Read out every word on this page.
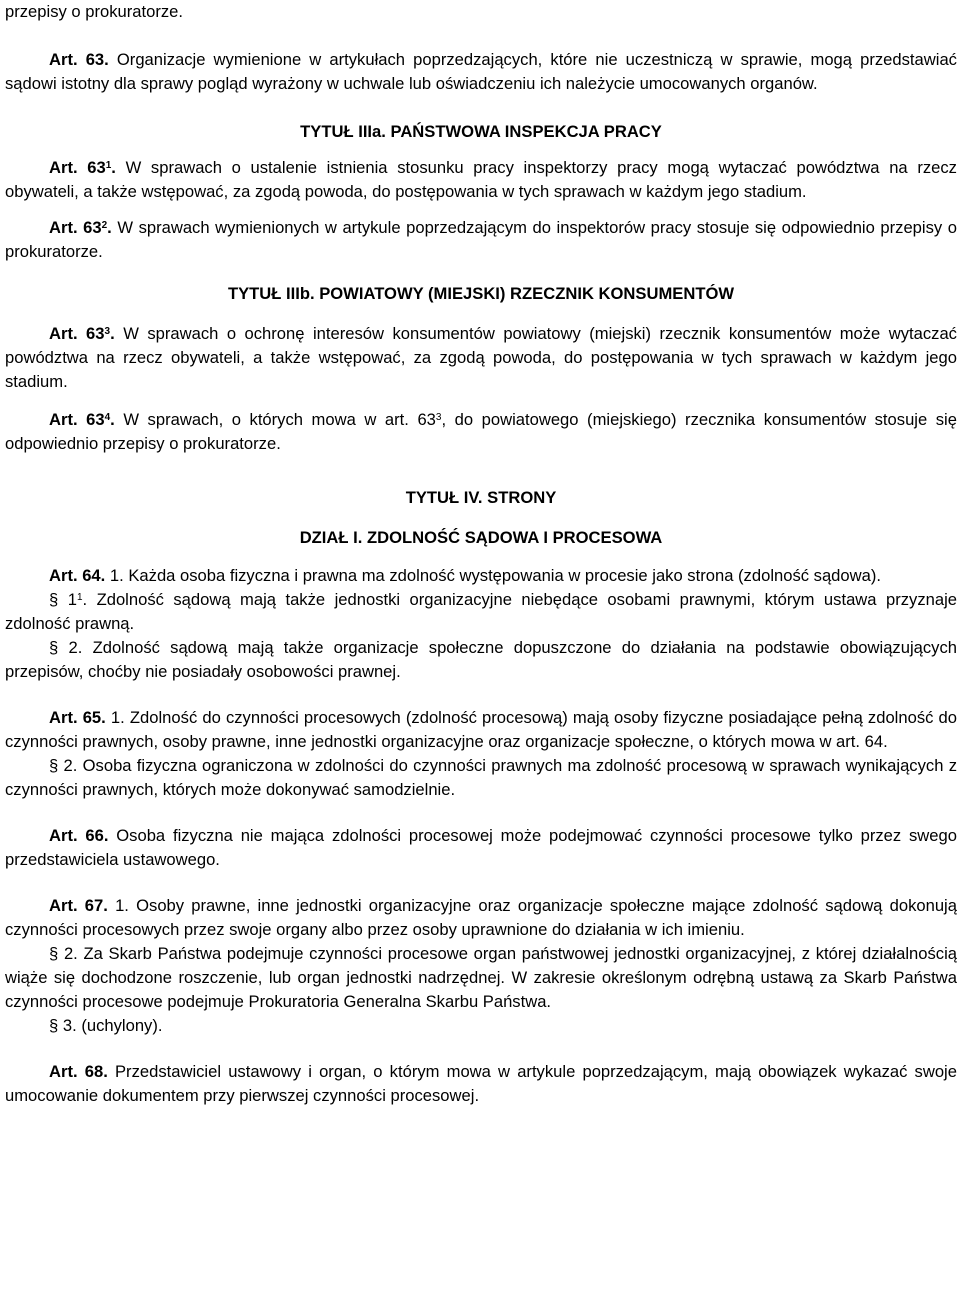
przepisy o prokuratorze.

Art. 63. Organizacje wymienione w artykułach poprzedzających, które nie uczestniczą w sprawie, mogą przedstawiać sądowi istotny dla sprawy pogląd wyrażony w uchwale lub oświadczeniu ich należycie umocowanych organów.

TYTUŁ IIIa. PAŃSTWOWA INSPEKCJA PRACY

Art. $63^1$. W sprawach o ustalenie istnienia stosunku pracy inspektorzy pracy mogą wytaczać powództwa na rzecz obywateli, a także wstępować, za zgodą powoda, do postępowania w tych sprawach w każdym jego stadium.

Art. $63^2$. W sprawach wymienionych w artykule poprzedzającym do inspektorów pracy stosuje się odpowiednio przepisy o prokuratorze.

TYTUŁ IIIb. POWIATOWY (MIEJSKI) RZECZNIK KONSUMENTÓW

Art. $63^3$. W sprawach o ochronę interesów konsumentów powiatowy (miejski) rzecznik konsumentów może wytaczać powództwa na rzecz obywateli, a także wstępować, za zgodą powoda, do postępowania w tych sprawach w każdym jego stadium.

Art. $63^4$. W sprawach, o których mowa w art. $63^3$, do powiatowego (miejskiego) rzecznika konsumentów stosuje się odpowiednio przepisy o prokuratorze.

TYTUŁ IV. STRONY

DZIAŁ I. ZDOLNOŚĆ SĄDOWA I PROCESOWA

Art. 64. 1. Każda osoba fizyczna i prawna ma zdolność występowania w procesie jako strona (zdolność sądowa).

§ $1^1$. Zdolność sądową mają także jednostki organizacyjne niebędące osobami prawnymi, którym ustawa przyznaje zdolność prawną.

§ 2. Zdolność sądową mają także organizacje społeczne dopuszczone do działania na podstawie obowiązujących przepisów, choćby nie posiadały osobowości prawnej.

Art. 65. 1. Zdolność do czynności procesowych (zdolność procesową) mają osoby fizyczne posiadające pełną zdolność do czynności prawnych, osoby prawne, inne jednostki organizacyjne oraz organizacje społeczne, o których mowa w art. 64.

§ 2. Osoba fizyczna ograniczona w zdolności do czynności prawnych ma zdolność procesową w sprawach wynikających z czynności prawnych, których może dokonywać samodzielnie.

Art. 66. Osoba fizyczna nie mająca zdolności procesowej może podejmować czynności procesowe tylko przez swego przedstawiciela ustawowego.

Art. 67. 1. Osoby prawne, inne jednostki organizacyjne oraz organizacje społeczne mające zdolność sądową dokonują czynności procesowych przez swoje organy albo przez osoby uprawnione do działania w ich imieniu.

§ 2. Za Skarb Państwa podejmuje czynności procesowe organ państwowej jednostki organizacyjnej, z której działalnością wiąże się dochodzone roszczenie, lub organ jednostki nadrzędnej. W zakresie określonym odrębną ustawą za Skarb Państwa czynności procesowe podejmuje Prokuratoria Generalna Skarbu Państwa.

§ 3. (uchylony).

Art. 68. Przedstawiciel ustawowy i organ, o którym mowa w artykule poprzedzającym, mają obowiązek wykazać swoje umocowanie dokumentem przy pierwszej czynności procesowej.
